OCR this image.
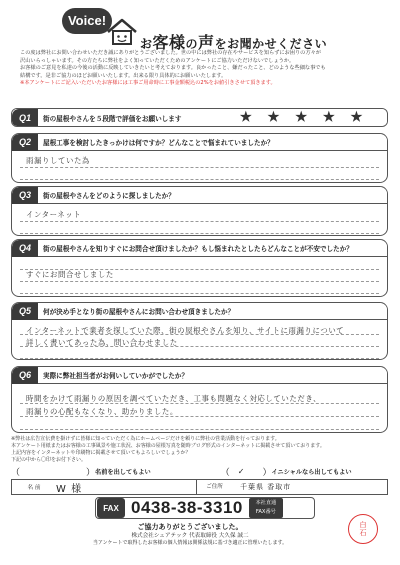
Voice!
お客様の声をお聞かせください
この度は弊社にお問い合わせいただき誠にありがとうございました。世の中には弊社の存在やサービスを知らずにお困りの方々が
沢山いらっしゃいます。その方たちに弊社をよく知っていただくためのアンケートにご協力いただけないでしょうか。
お客様のご意見を私達の今後の活動に反映していきたいと考えております。良かったこと、嫌だったこと、どのような些細な事でも
結構です。是非ご協力のほどお願いいたします。出来る限り具体的にお願いいたします。
※本アンケートにご記入いただいたお客様には工事ご用命時に工事金額税込の2%をお値引きさせて頂きます。
Q1	街の屋根やさんを５段階で評価をお願いします	★ ★ ★ ★ ★
Q2	屋根工事を検討したきっかけは何ですか？どんなことで悩まれていましたか？
雨漏りしていた為
Q3	街の屋根やさんをどのように探しましたか？
インターネット
Q4	街の屋根やさんを知りすぐにお問合せ頂けましたか？もし悩まれたとしたらどんなことが不安でしたか？
すぐにお問合せしました
Q5	何が決め手となり街の屋根やさんにお問い合わせ頂きましたか？
インターネットで業者を探していた際、街の屋根やさんを知り、サイトに雨漏りについて
詳しく書いてあった為、問い合わせました
Q6	実際に弊社担当者がお伺いしていかがでしたか？
時間をかけて雨漏りの原因を調べていただき、工事も問題なく対応していただき、
雨漏りの心配もなくなり、助かりました。
※弊社は広告宣伝費を掛けずに皆様に知っていただく為にホームページだけを頼りに弊社の営業活動を行っております。
本アンケート用紙またはお客様の工事風景や施工状況、お客様の屋根写真を随時ブログ形式のインターネットに掲載させて頂いております。
上記内容をインターネットや印刷物に掲載させて頂いてもよろしいでしょうか？
下記の中から〇印をお付下さい。
（	） 名前を出してもよい	（ ✓ ） イニシャルなら出してもよい
名 前	W 様	ご住所	千葉県 香取市
FAX 0438-38-3310	本社直通
FAX番号
白
石
ご協力ありがとうございました。
株式会社シェアテック 代表取締役 大久保 誠二
当アンケートで取得したお客様の個人情報は関係法規に基づき適正に管理いたします。
